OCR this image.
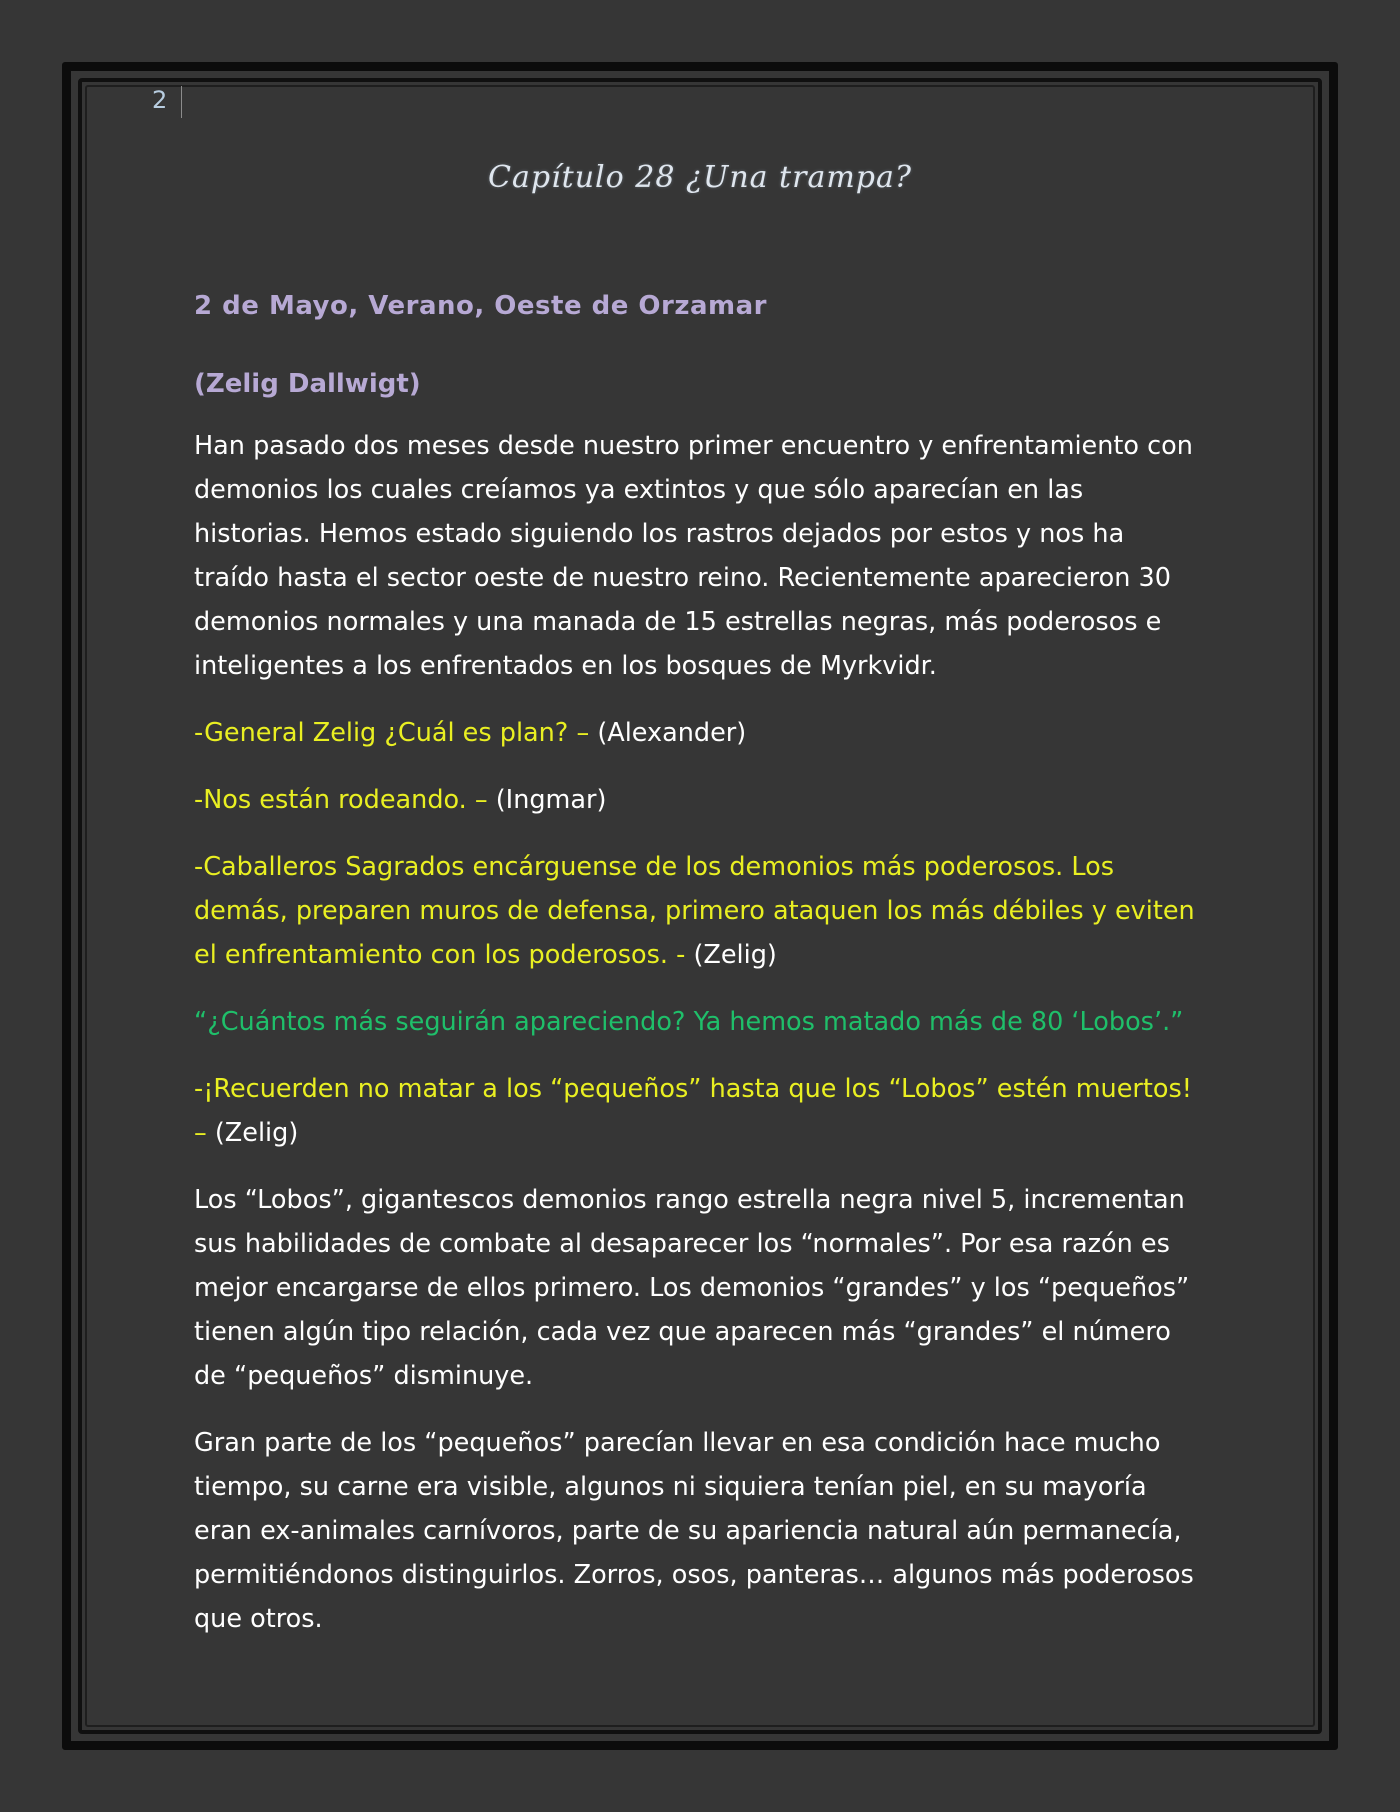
2
Capítulo 28 ¿Una trampa?

2 de Mayo, Verano, Oeste de Orzamar

(Zelig Dallwigt)

Han pasado dos meses desde nuestro primer encuentro y enfrentamiento con demonios los cuales creíamos ya extintos y que sólo aparecían en las historias. Hemos estado siguiendo los rastros dejados por estos y nos ha traído hasta el sector oeste de nuestro reino. Recientemente aparecieron 30 demonios normales y una manada de 15 estrellas negras, más poderosos e inteligentes a los enfrentados en los bosques de Myrkvidr.

-General Zelig ¿Cuál es plan? – (Alexander)

-Nos están rodeando. – (Ingmar)

-Caballeros Sagrados encárguense de los demonios más poderosos. Los demás, preparen muros de defensa, primero ataquen los más débiles y eviten el enfrentamiento con los poderosos. - (Zelig)

“¿Cuántos más seguirán apareciendo? Ya hemos matado más de 80 ‘Lobos’.”

-¡Recuerden no matar a los “pequeños” hasta que los “Lobos” estén muertos! – (Zelig)

Los “Lobos”, gigantescos demonios rango estrella negra nivel 5, incrementan sus habilidades de combate al desaparecer los “normales”. Por esa razón es mejor encargarse de ellos primero. Los demonios “grandes” y los “pequeños” tienen algún tipo relación, cada vez que aparecen más “grandes” el número de “pequeños” disminuye.

Gran parte de los “pequeños” parecían llevar en esa condición hace mucho tiempo, su carne era visible, algunos ni siquiera tenían piel, en su mayoría eran ex-animales carnívoros, parte de su apariencia natural aún permanecía, permitiéndonos distinguirlos. Zorros, osos, panteras… algunos más poderosos que otros.
